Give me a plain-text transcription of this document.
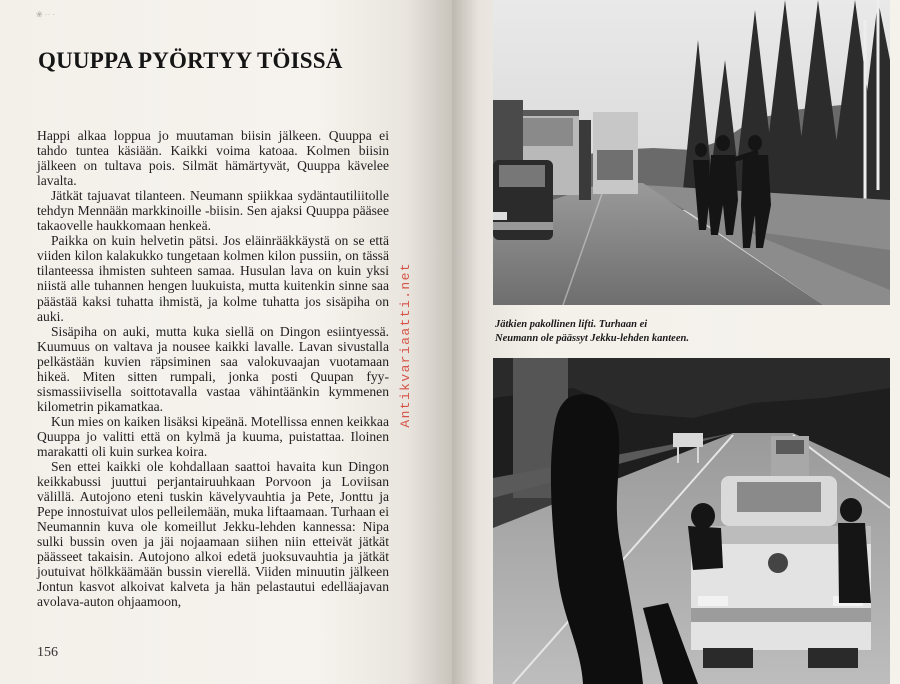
❀ ·· ·
QUUPPA PYÖRTYY TÖISSÄ

Happi alkaa loppua jo muutaman biisin jälkeen. Quuppa ei tahdo tuntea käsiään. Kaikki voima katoaa. Kolmen biisin jälkeen on tultava pois. Silmät hämärtyvät, Quuppa kävelee lavalta.

Jätkät tajuavat tilanteen. Neumann spiikkaa sydäntautiliitolle tehdyn Mennään markkinoille -biisin. Sen ajaksi Quuppa pääsee takaovelle haukkomaan henkeä.

Paikka on kuin helvetin pätsi. Jos eläinrääkkäystä on se että viiden kilon kalakukko tungetaan kolmen kilon pussiin, on tässä tilanteessa ihmisten suhteen samaa. Husulan lava on kuin yksi niistä alle tuhannen hengen luukuista, mutta kuitenkin sinne saa päästää kaksi tuhatta ihmistä, ja kolme tuhatta jos sisäpiha on auki.

Sisäpiha on auki, mutta kuka siellä on Dingon esiintyessä. Kuumuus on valtava ja nousee kaikki lavalle. Lavan sivustalla pelkästään kuvien räpsiminen saa valokuvaajan vuotamaan hikeä. Miten sitten rumpali, jonka posti Quupan fyysismassiivisella soittotavalla vastaa vähintäänkin kymmenen kilometrin pikamatkaa.

Kun mies on kaiken lisäksi kipeänä. Motellissa ennen keikkaa Quuppa jo valitti että on kylmä ja kuuma, puistattaa. Iloinen marakatti oli kuin surkea koira.

Sen ettei kaikki ole kohdallaan saattoi havaita kun Dingon keikkabussi juuttui perjantairuuhkaan Porvoon ja Loviisan välillä. Autojono eteni tuskin kävelyvauhtia ja Pete, Jonttu ja Pepe innostuivat ulos pelleilemään, muka liftaamaan. Turhaan ei Neumannin kuva ole komeillut Jekku-lehden kannessa: Nipa sulki bussin oven ja jäi nojaamaan siihen niin etteivät jätkät päässeet takaisin. Autojono alkoi edetä juoksuvauhtia ja jätkät joutuivat hölkkäämään bussin vierellä. Viiden minuutin jälkeen Jontun kasvot alkoivat kalveta ja hän pelastautui edelläajavan avolava-auton ohjaamoon,

156
Antikvariaatti.net	Jätkien pakollinen lifti. Turhaan ei
Neumann ole päässyt Jekku-lehden kanteen.
